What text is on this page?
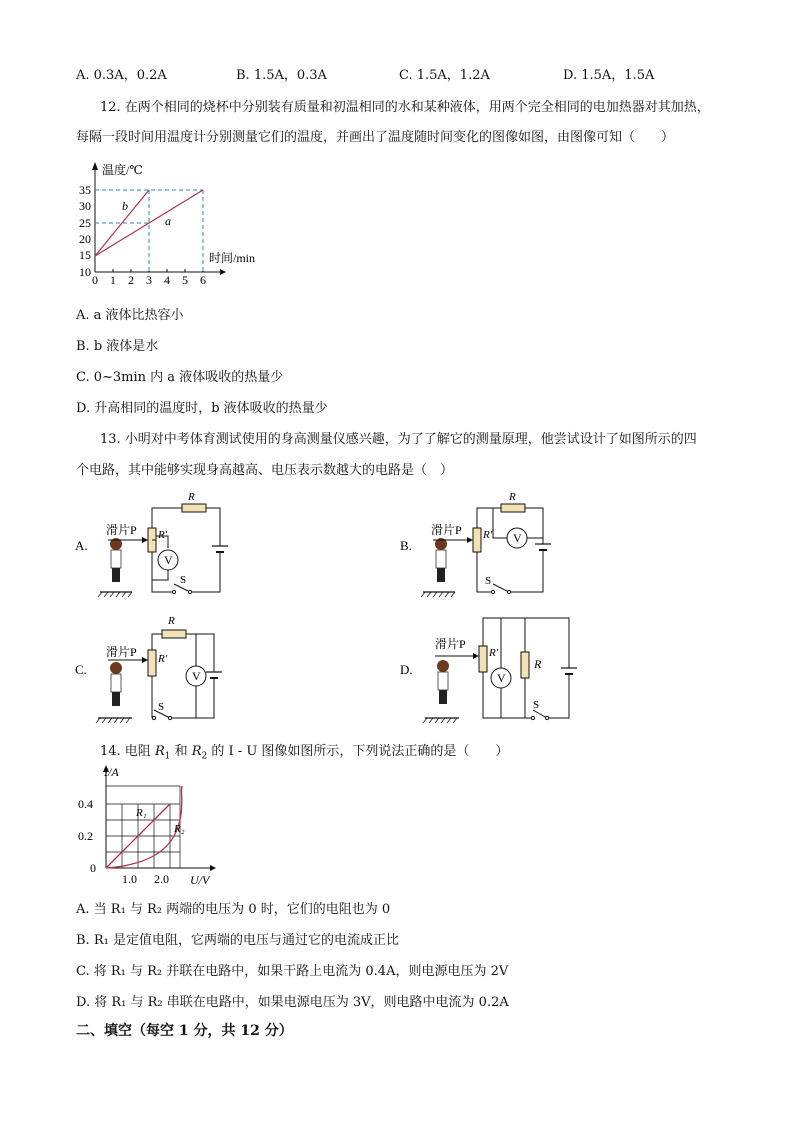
A. 0.3A，0.2A	B. 1.5A，0.3A	C. 1.5A，1.2A	D. 1.5A，1.5A
12. 在两个相同的烧杯中分别装有质量和初温相同的水和某种液体，用两个完全相同的电加热器对其加热，
每隔一段时间用温度计分别测量它们的温度，并画出了温度随时间变化的图像如图，由图像可知（　　）
10
15
20
25
30
35
0 1 2 3 4 5 6
b
a
温度/℃
时间/min
A. a 液体比热容小
B. b 液体是水
C. 0~3min 内 a 液体吸收的热量少
D. 升高相同的温度时，b 液体吸收的热量少
13. 小明对中考体育测试使用的身高测量仪感兴趣，为了了解它的测量原理，他尝试设计了如图所示的四
个电路，其中能够实现身高越高、电压表示数越大的电路是（　）
A.
滑片P R′
R
S
V
B.
滑片P R′
R
V
S
C.
滑片P R′
R
V
S
D.
滑片P
R′
V
R
S
14. 电阻 $R_1$ 和 $R_2$ 的 I - U 图像如图所示，下列说法正确的是（　　）
I/A
U/V
0.4
0.2
0
1.0 2.0
R₁
R₂
A. 当 R₁ 与 R₂ 两端的电压为 0 时，它们的电阻也为 0
B. R₁ 是定值电阻，它两端的电压与通过它的电流成正比
C. 将 R₁ 与 R₂ 并联在电路中，如果干路上电流为 0.4A，则电源电压为 2V
D. 将 R₁ 与 R₂ 串联在电路中，如果电源电压为 3V，则电路中电流为 0.2A
二、填空（每空 1 分，共 12 分）
